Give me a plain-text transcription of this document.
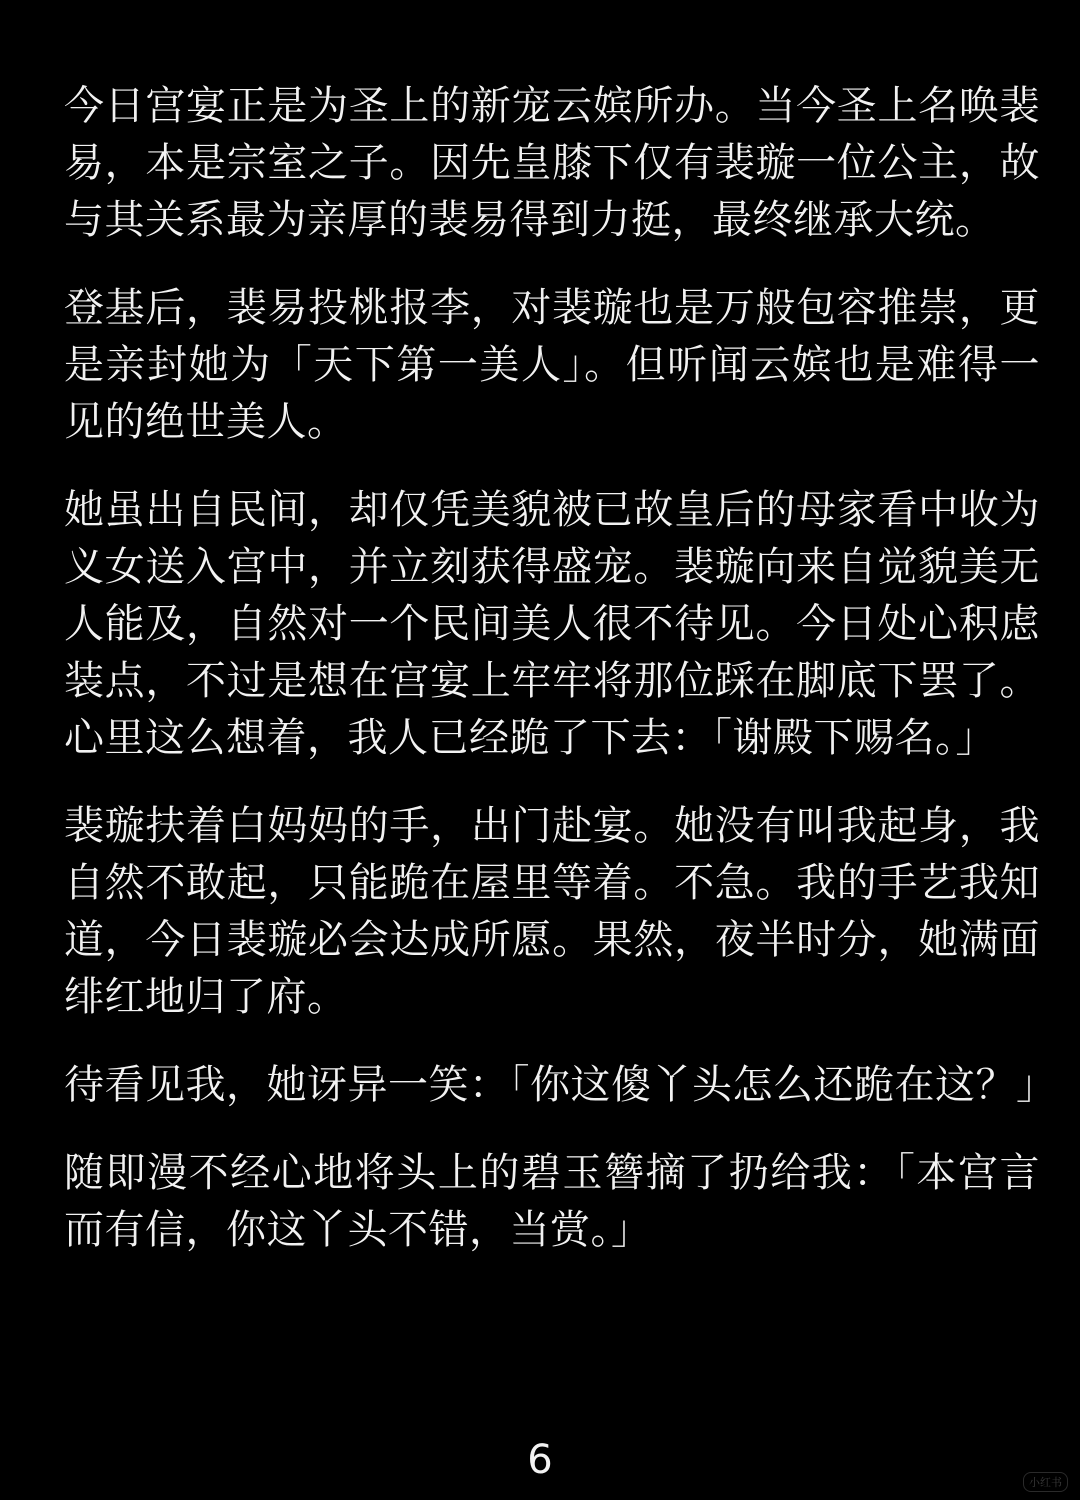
今日宫宴正是为圣上的新宠云嫔所办。当今圣上名唤裴易，本是宗室之子。因先皇膝下仅有裴璇一位公主，故与其关系最为亲厚的裴易得到力挺，最终继承大统。

登基后，裴易投桃报李，对裴璇也是万般包容推崇，更是亲封她为「天下第一美人」。但听闻云嫔也是难得一见的绝世美人。

她虽出自民间，却仅凭美貌被已故皇后的母家看中收为义女送入宫中，并立刻获得盛宠。裴璇向来自觉貌美无人能及，自然对一个民间美人很不待见。今日处心积虑装点，不过是想在宫宴上牢牢将那位踩在脚底下罢了。心里这么想着，我人已经跪了下去：「谢殿下赐名。」

裴璇扶着白妈妈的手，出门赴宴。她没有叫我起身，我自然不敢起，只能跪在屋里等着。不急。我的手艺我知道，今日裴璇必会达成所愿。果然，夜半时分，她满面绯红地归了府。

待看见我，她讶异一笑：「你这傻丫头怎么还跪在这？」

随即漫不经心地将头上的碧玉簪摘了扔给我：「本宫言而有信，你这丫头不错，当赏。」

6	小红书
